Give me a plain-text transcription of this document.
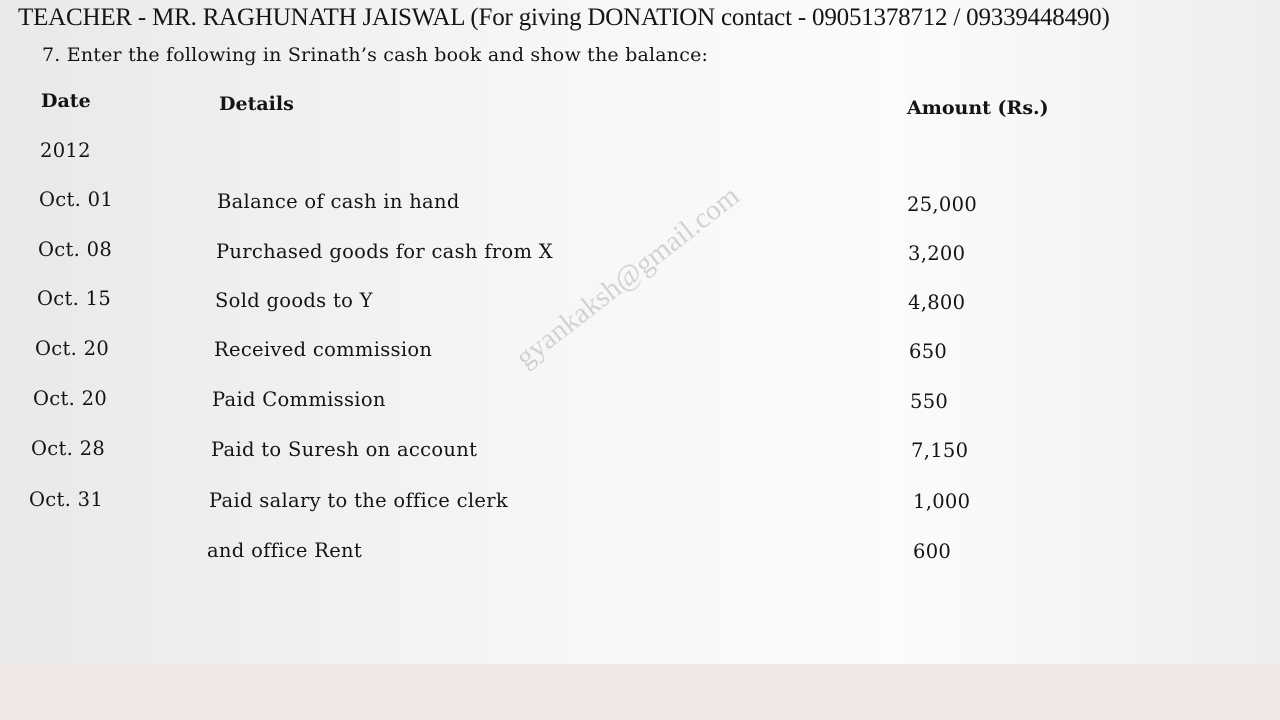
TEACHER - MR. RAGHUNATH JAISWAL (For giving DONATION contact - 09051378712 / 09339448490)
7. Enter the following in Srinath’s cash book and show the balance:
Date	Details	Amount (Rs.)
2012
Oct. 01	Balance of cash in hand	25,000
Oct. 08	Purchased goods for cash from X	3,200
Oct. 15	Sold goods to Y	4,800
Oct. 20	Received commission	650
Oct. 20	Paid Commission	550
Oct. 28	Paid to Suresh on account	7,150
Oct. 31	Paid salary to the office clerk	1,000
and office Rent	600
gyankaksh@gmail.com
